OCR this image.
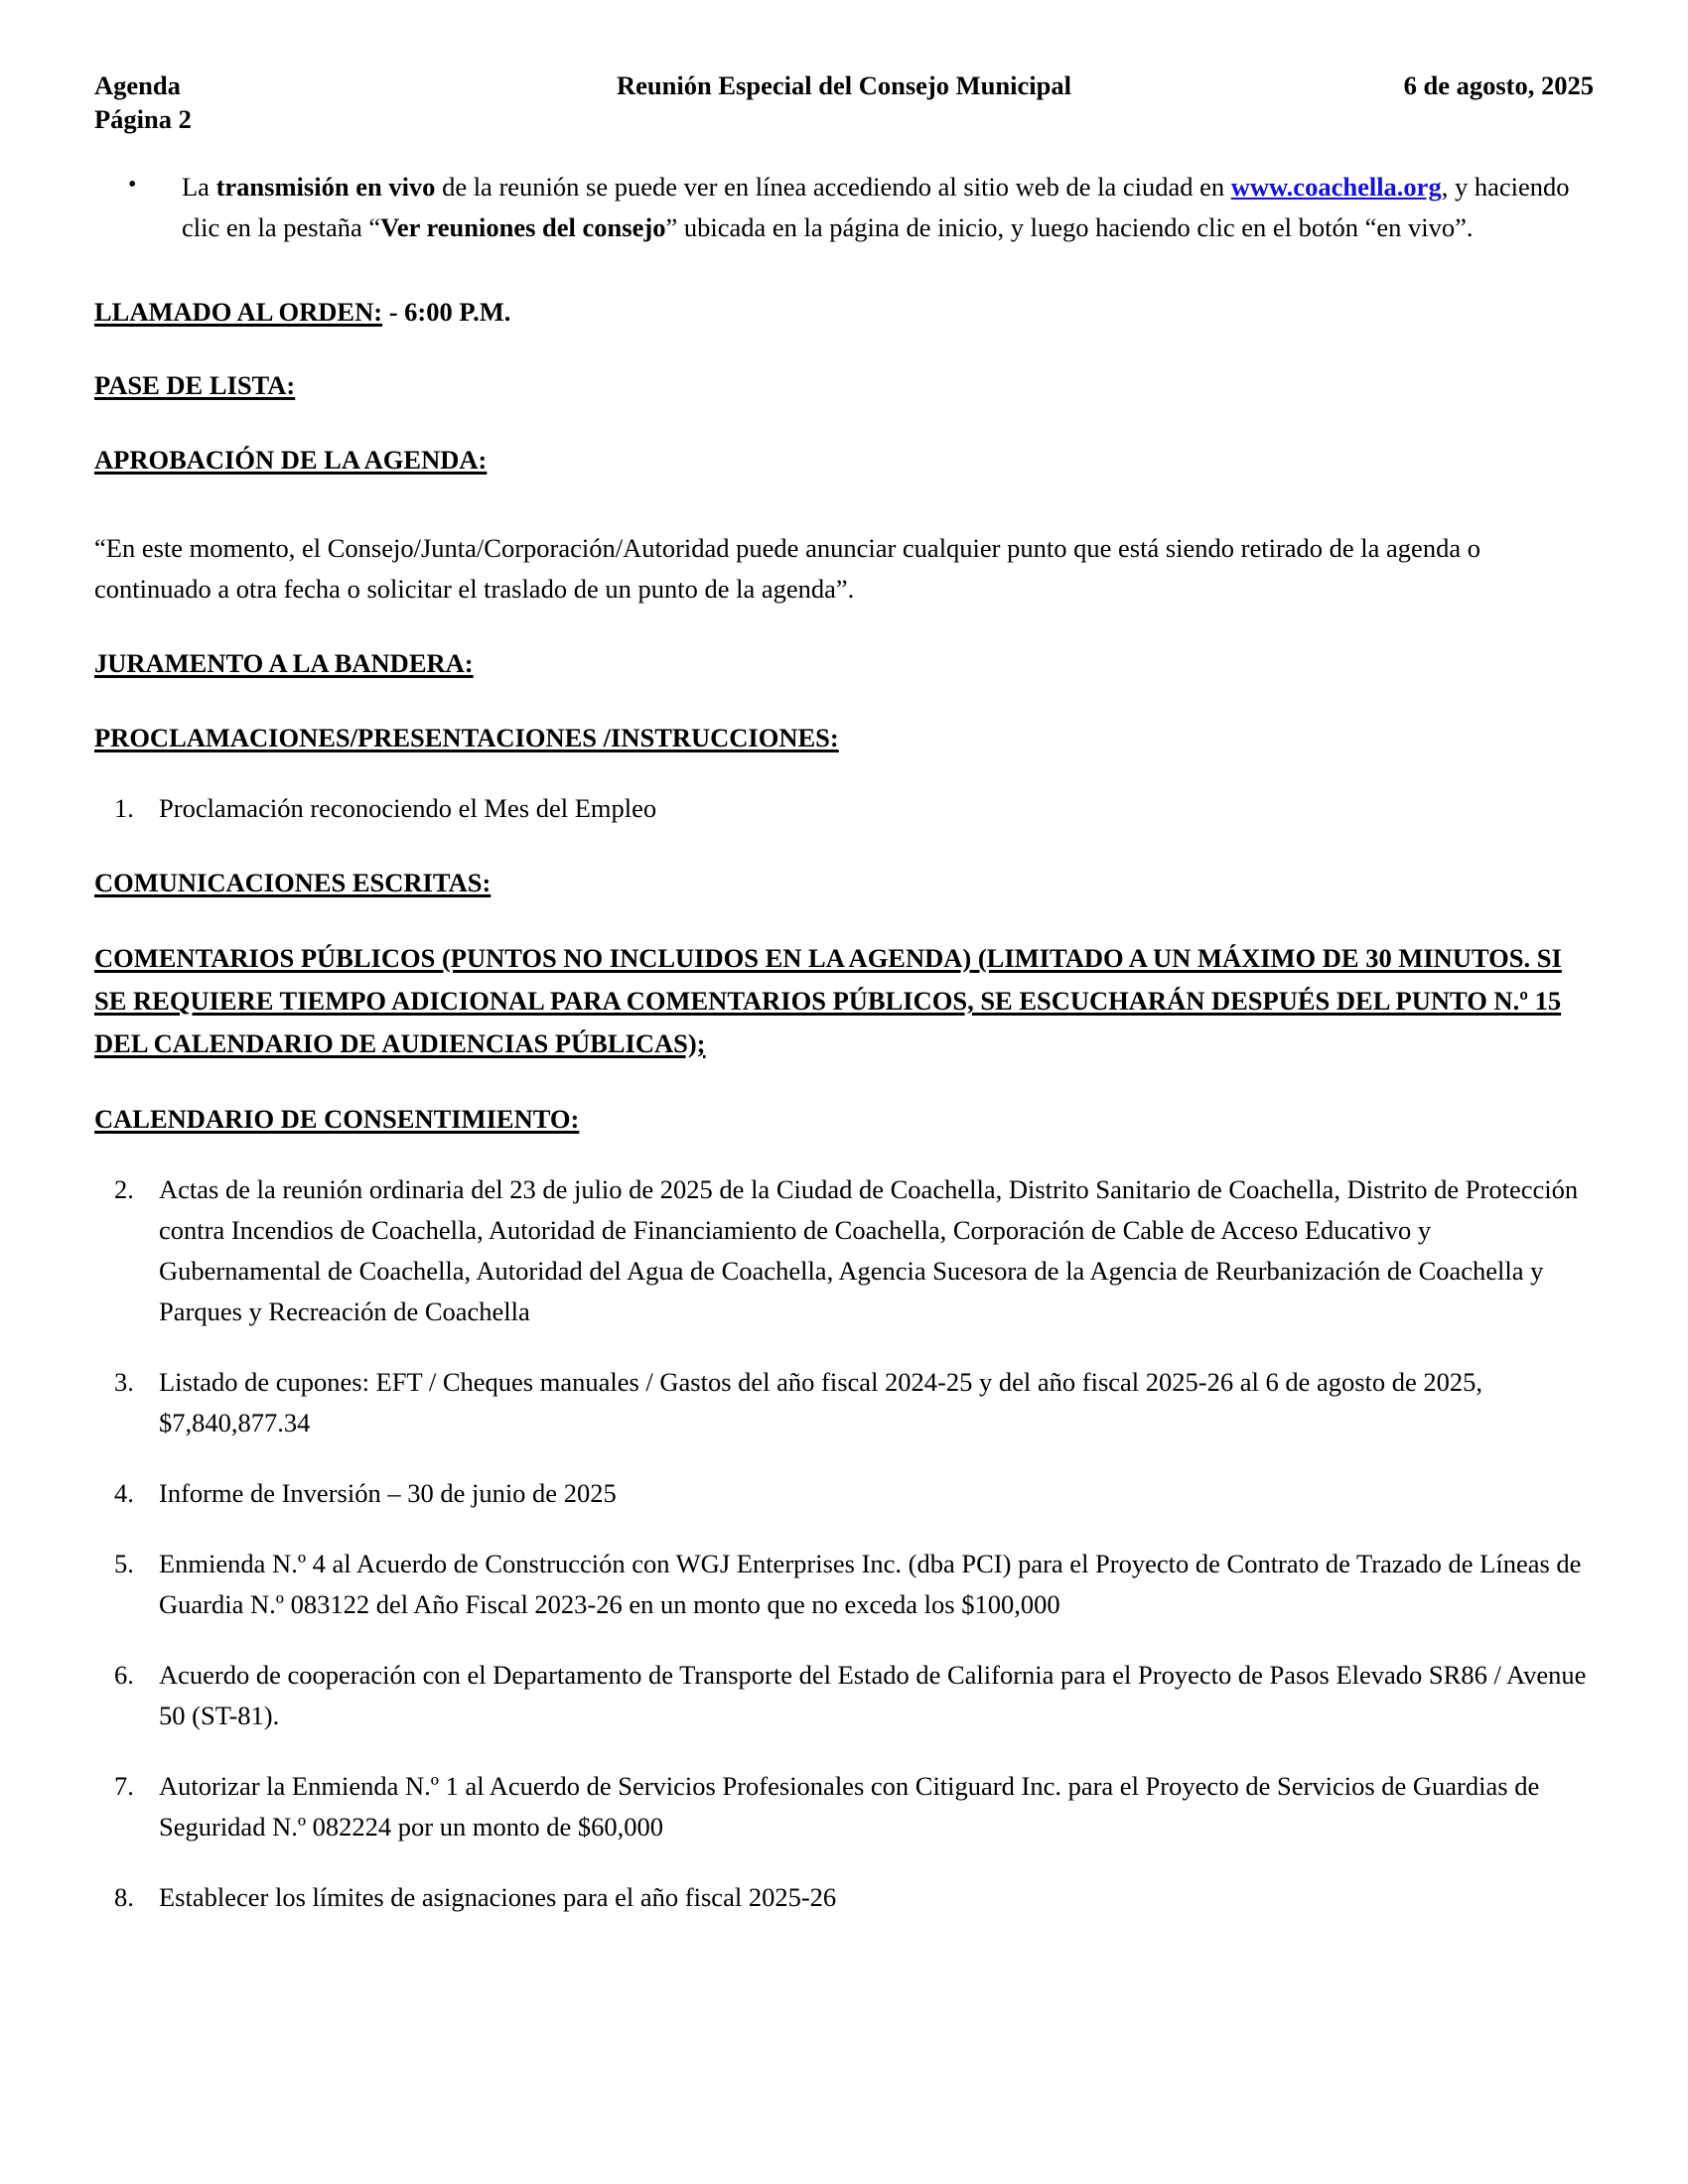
Agenda	Reunión Especial del Consejo Municipal	6 de agosto, 2025
Página 2
• La transmisión en vivo de la reunión se puede ver en línea accediendo al sitio web de la ciudad en www.coachella.org, y haciendo clic en la pestaña “Ver reuniones del consejo” ubicada en la página de inicio, y luego haciendo clic en el botón “en vivo”.
LLAMADO AL ORDEN: - 6:00 P.M.
PASE DE LISTA:
APROBACIÓN DE LA AGENDA:
“En este momento, el Consejo/Junta/Corporación/Autoridad puede anunciar cualquier punto que está siendo retirado de la agenda o continuado a otra fecha o solicitar el traslado de un punto de la agenda”.
JURAMENTO A LA BANDERA:
PROCLAMACIONES/PRESENTACIONES /INSTRUCCIONES:
1. Proclamación reconociendo el Mes del Empleo
COMUNICACIONES ESCRITAS:
COMENTARIOS PÚBLICOS (PUNTOS NO INCLUIDOS EN LA AGENDA) (LIMITADO A UN MÁXIMO DE 30 MINUTOS. SI SE REQUIERE TIEMPO ADICIONAL PARA COMENTARIOS PÚBLICOS, SE ESCUCHARÁN DESPUÉS DEL PUNTO N.º 15 DEL CALENDARIO DE AUDIENCIAS PÚBLICAS);
CALENDARIO DE CONSENTIMIENTO:
2. Actas de la reunión ordinaria del 23 de julio de 2025 de la Ciudad de Coachella, Distrito Sanitario de Coachella, Distrito de Protección contra Incendios de Coachella, Autoridad de Financiamiento de Coachella, Corporación de Cable de Acceso Educativo y Gubernamental de Coachella, Autoridad del Agua de Coachella, Agencia Sucesora de la Agencia de Reurbanización de Coachella y Parques y Recreación de Coachella
3. Listado de cupones: EFT / Cheques manuales / Gastos del año fiscal 2024-25 y del año fiscal 2025-26 al 6 de agosto de 2025, $7,840,877.34
4. Informe de Inversión – 30 de junio de 2025
5. Enmienda N.º 4 al Acuerdo de Construcción con WGJ Enterprises Inc. (dba PCI) para el Proyecto de Contrato de Trazado de Líneas de Guardia N.º 083122 del Año Fiscal 2023-26 en un monto que no exceda los $100,000
6. Acuerdo de cooperación con el Departamento de Transporte del Estado de California para el Proyecto de Pasos Elevado SR86 / Avenue 50 (ST-81).
7. Autorizar la Enmienda N.º 1 al Acuerdo de Servicios Profesionales con Citiguard Inc. para el Proyecto de Servicios de Guardias de Seguridad N.º 082224 por un monto de $60,000
8. Establecer los límites de asignaciones para el año fiscal 2025-26
